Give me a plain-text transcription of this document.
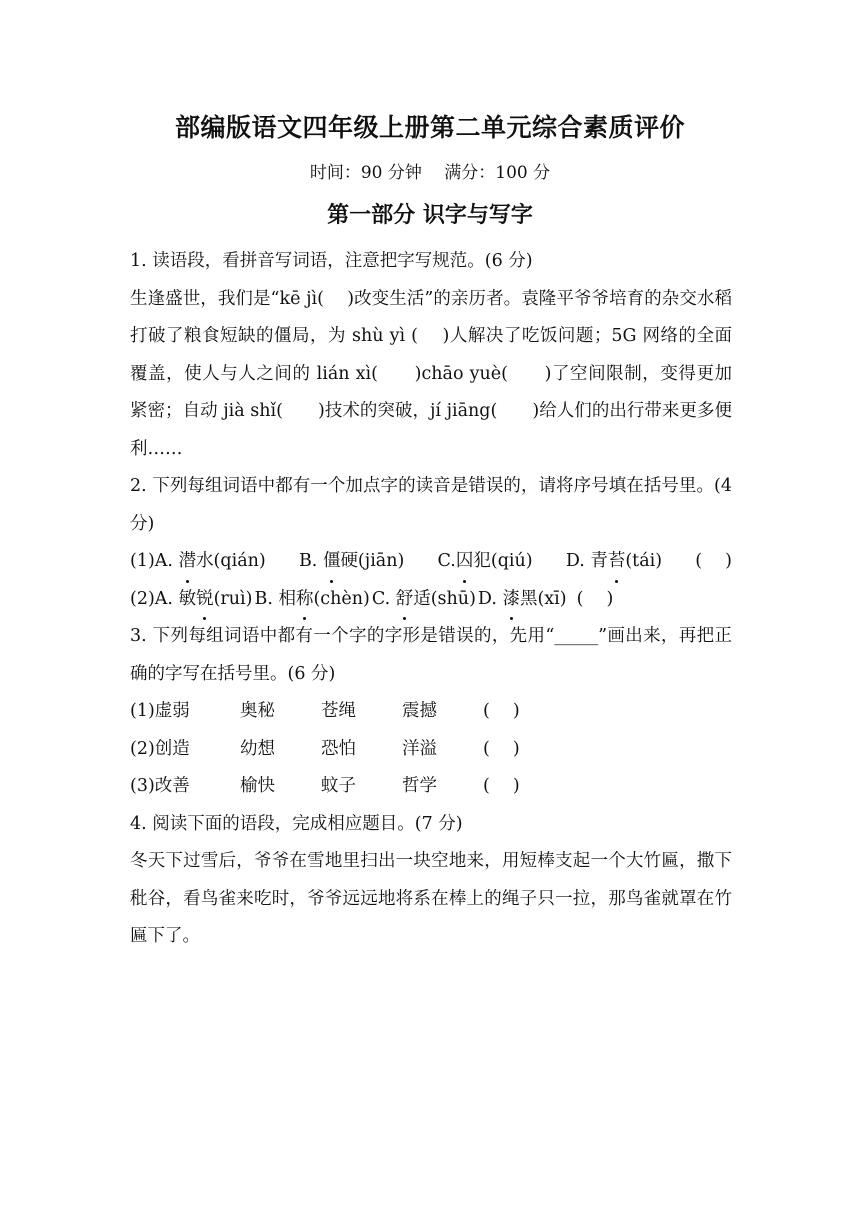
部编版语文四年级上册第二单元综合素质评价
时间：90 分钟　 满分：100 分
第一部分 识字与写字

1. 读语段，看拼音写词语，注意把字写规范。(6 分)

生逢盛世，我们是“kē jì(　 )改变生活”的亲历者。袁隆平爷爷培育的杂交水稻打破了粮食短缺的僵局，为 shù yì (　 )人解决了吃饭问题；5G 网络的全面覆盖，使人与人之间的 lián xì(　　)chāo yuè(　　)了空间限制，变得更加紧密；自动 jià shǐ(　　)技术的突破，jí jiāng(　　)给人们的出行带来更多便利……

2. 下列每组词语中都有一个加点字的读音是错误的，请将序号填在括号里。(4 分)

(1)A. 潜水(qián) B. 僵硬(jiān) C.囚犯(qiú) D. 青苔(tái) (　 )
(2)A. 敏锐(ruì) B. 相称(chèn) C. 舒适(shū) D. 漆黑(xī) (　 )

3. 下列每组词语中都有一个字的字形是错误的，先用“_____”画出来，再把正确的字写在括号里。(6 分)

(1)虚弱	奥秘	苍绳	震撼	(　 )
(2)创造	幼想	恐怕	洋溢	(　 )
(3)改善	榆快	蚊子	哲学	(　 )

4. 阅读下面的语段，完成相应题目。(7 分)

冬天下过雪后，爷爷在雪地里扫出一块空地来，用短棒支起一个大竹匾，撒下秕谷，看鸟雀来吃时，爷爷远远地将系在棒上的绳子只一拉，那鸟雀就罩在竹匾下了。
